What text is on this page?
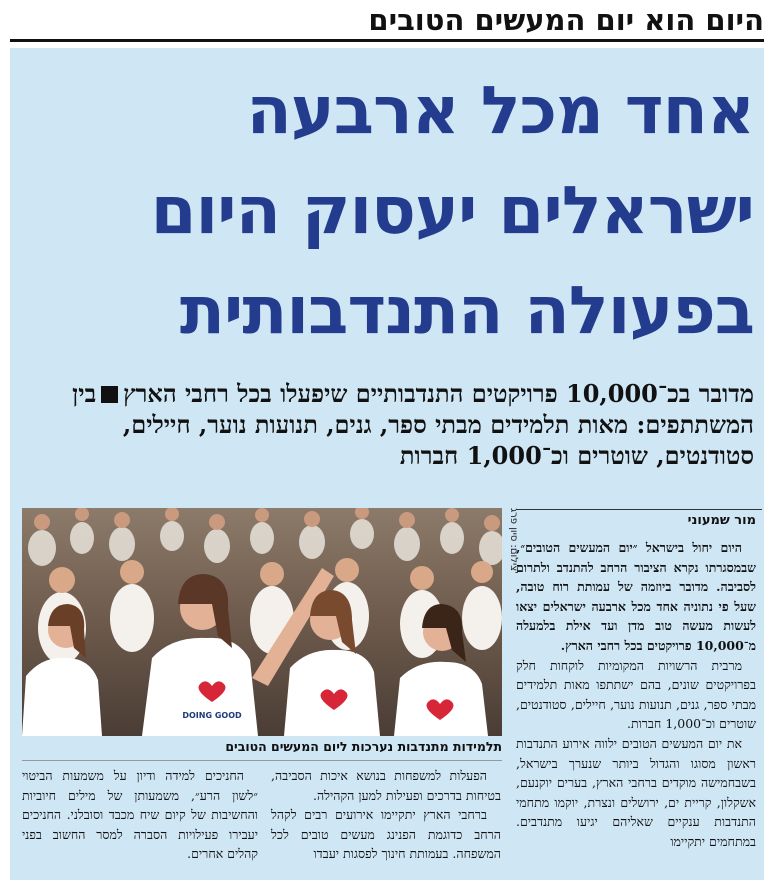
היום הוא יום המעשים הטובים
אחד מכל ארבעה
ישראלים יעסוק היום
בפעולה התנדבותית
מדובר בכ־10,000 פרויקטים התנדבותיים שיפעלו בכל רחבי הארץבין המשתתפים: מאות תלמידים מבתי ספר, גנים, תנועות נוער, חיילים, סטודנטים, שוטרים וכ־1,000 חברות
מור שמעוני

היום יחול בישראל ״יום המעשים הטובים״, שבמסגרתו נקרא הציבור הרחב להתנדב ולתרום לסביבה. מדובר ביוזמה של עמותת רוח טובה, שעל פי נתוניה אחד מכל ארבעה ישראלים יצאו לעשות מעשה טוב מדן ועד אילת בלמעלה מ־10,000 פרויקטים בכל רחבי הארץ.

מרבית הרשויות המקומיות לוקחות חלק בפרויקטים שונים, בהם ישתתפו מאות תלמידים מבתי ספר, גנים, תנועות נוער, חיילים, סטודנטים, שוטרים וכ־1,000 חברות.

את יום המעשים הטובים ילווה אירוע התנדבות ראשון מסוגו והגדול ביותר שנערך בישראל, בשבחמישה מוקדים ברחבי הארץ, בערים יוקנעם, אשקלון, קריית ים, ירושלים ונצרת, יוקמו מתחמי התנדבות ענקיים שאליהם יגיעו מתנדבים. במתחמים יתקיימו

צילום: סיון פרג'
DOING GOOD
תלמידות מתנדבות נערכות ליום המעשים הטובים

הפעלות למשפחות בנושא איכות הסביבה, בטיחות בדרכים ופעילות למען הקהילה.

ברחבי הארץ יתקיימו אירועים רבים לקהל הרחב כדוגמת הפנינג מעשים טובים לכל המשפחה. בעמותת חינוך לפסגות יעבדו

החניכים למידה ודיון על משמעות הביטוי ״לשון הרע״, משמעותן של מילים חיוביות והחשיבות של קיום שיח מכבד וסובלני. החניכים יעבירו פעילויות הסברה למסר החשוב בפני קהלים אחרים.
